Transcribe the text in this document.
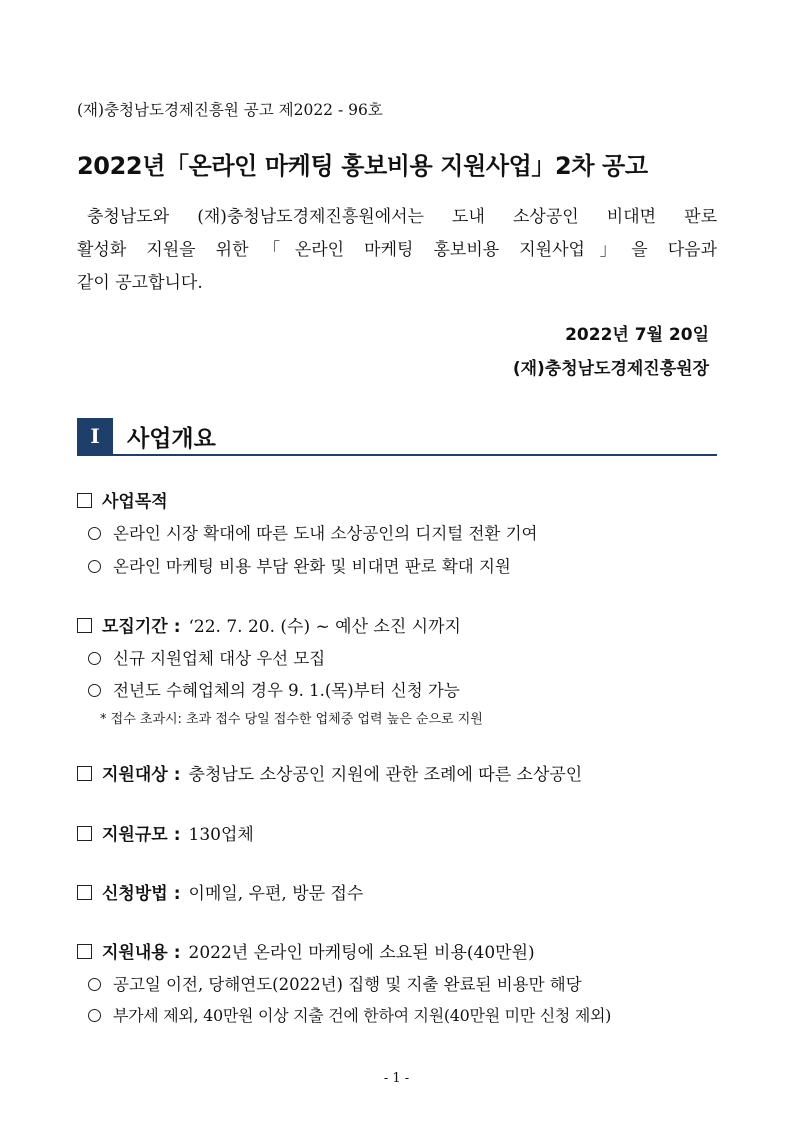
(재)충청남도경제진흥원 공고 제2022 - 96호
2022년「온라인 마케팅 홍보비용 지원사업」2차 공고
충청남도와 (재)충청남도경제진흥원에서는 도내 소상공인 비대면 판로
활성화 지원을 위한「온라인 마케팅 홍보비용 지원사업」을 다음과
같이 공고합니다.
2022년 7월 20일
(재)충청남도경제진흥원장
I	사업개요
사업목적
온라인 시장 확대에 따른 도내 소상공인의 디지털 전환 기여
온라인 마케팅 비용 부담 완화 및 비대면 판로 확대 지원
모집기간 : ‘22. 7. 20. (수) ~ 예산 소진 시까지
신규 지원업체 대상 우선 모집
전년도 수혜업체의 경우 9. 1.(목)부터 신청 가능
* 접수 초과시: 초과 접수 당일 접수한 업체중 업력 높은 순으로 지원
지원대상 : 충청남도 소상공인 지원에 관한 조례에 따른 소상공인
지원규모 : 130업체
신청방법 : 이메일, 우편, 방문 접수
지원내용 : 2022년 온라인 마케팅에 소요된 비용(40만원)
공고일 이전, 당해연도(2022년) 집행 및 지출 완료된 비용만 해당
부가세 제외, 40만원 이상 지출 건에 한하여 지원(40만원 미만 신청 제외)
- 1 -
